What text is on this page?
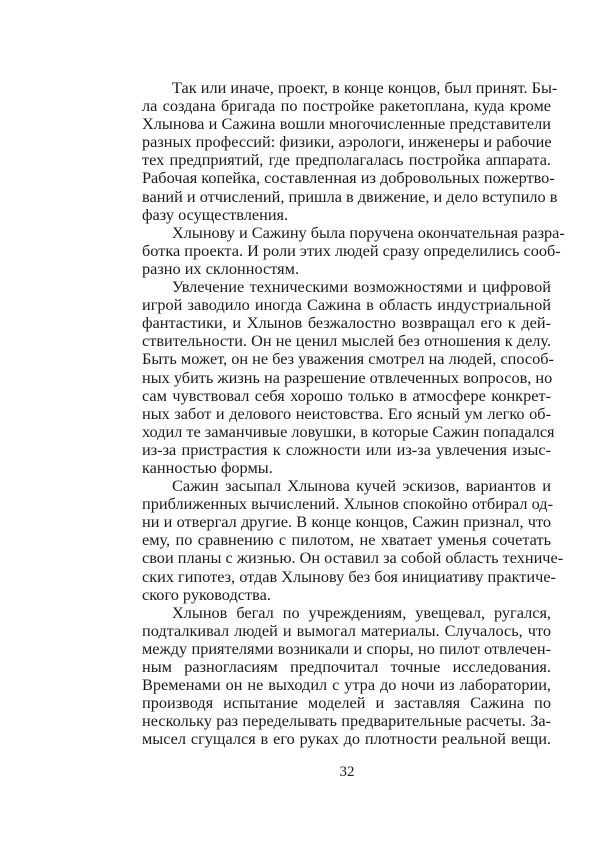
Так или иначе, проект, в конце концов, был принят. Бы-
ла создана бригада по постройке ракетоплана, куда кроме
Хлынова и Сажина вошли многочисленные представители
разных профессий: физики, аэрологи, инженеры и рабочие
тех предприятий, где предполагалась постройка аппарата.
Рабочая копейка, составленная из добровольных пожертво-
ваний и отчислений, пришла в движение, и дело вступило в
фазу осуществления.
Хлынову и Сажину была поручена окончательная разра-
ботка проекта. И роли этих людей сразу определились сооб-
разно их склонностям.
Увлечение техническими возможностями и цифровой
игрой заводило иногда Сажина в область индустриальной
фантастики, и Хлынов безжалостно возвращал его к дей-
ствительности. Он не ценил мыслей без отношения к делу.
Быть может, он не без уважения смотрел на людей, способ-
ных убить жизнь на разрешение отвлеченных вопросов, но
сам чувствовал себя хорошо только в атмосфере конкрет-
ных забот и делового неистовства. Его ясный ум легко об-
ходил те заманчивые ловушки, в которые Сажин попадался
из-за пристрастия к сложности или из-за увлечения изыс-
канностью формы.
Сажин засыпал Хлынова кучей эскизов, вариантов и
приближенных вычислений. Хлынов спокойно отбирал од-
ни и отвергал другие. В конце концов, Сажин признал, что
ему, по сравнению с пилотом, не хватает уменья сочетать
свои планы с жизнью. Он оставил за собой область техниче-
ских гипотез, отдав Хлынову без боя инициативу практиче-
ского руководства.
Хлынов бегал по учреждениям, увещевал, ругался,
подталкивал людей и вымогал материалы. Случалось, что
между приятелями возникали и споры, но пилот отвлечен-
ным разногласиям предпочитал точные исследования.
Временами он не выходил с утра до ночи из лаборатории,
производя испытание моделей и заставляя Сажина по
нескольку раз переделывать предварительные расчеты. За-
мысел сгущался в его руках до плотности реальной вещи.
32
